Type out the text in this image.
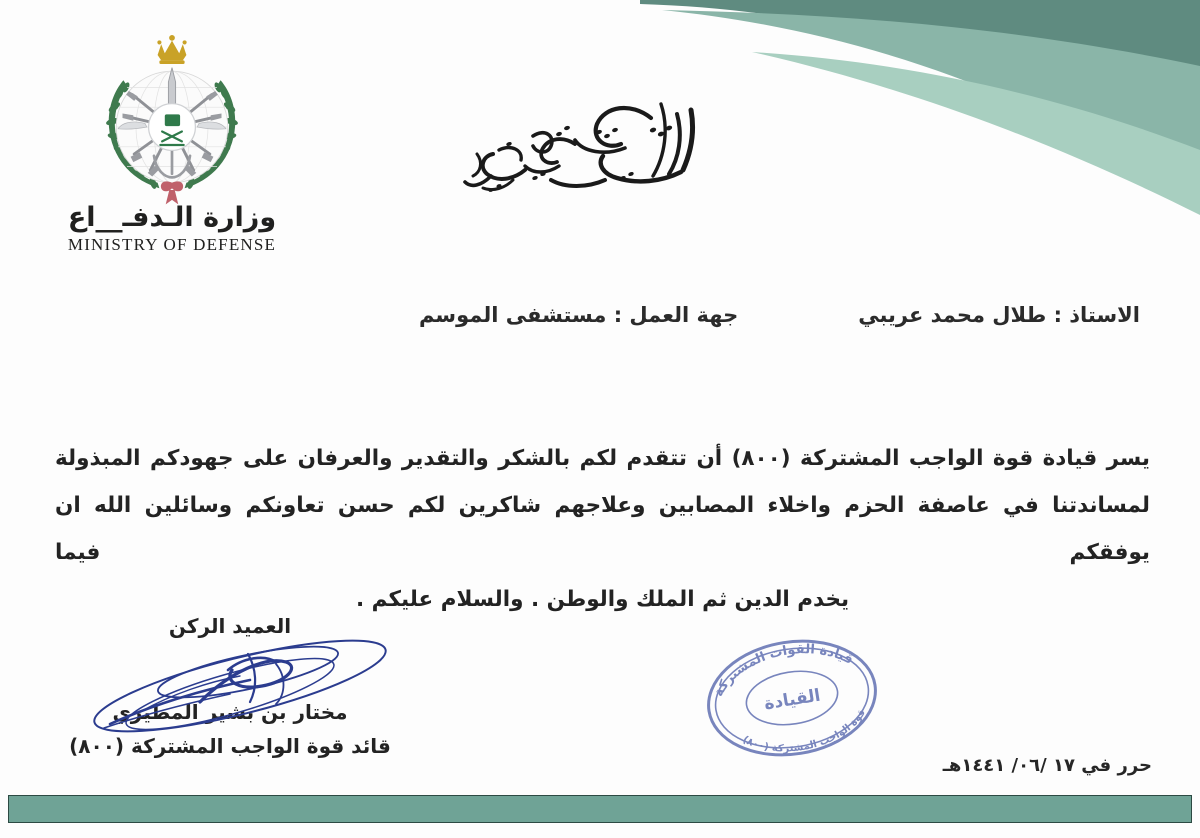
وزارة الـدفـ__اع
MINISTRY OF DEFENSE
الاستاذ : طلال محمد عريبي
جهة العمل : مستشفى الموسم
يسر قيادة قوة الواجب المشتركة (٨٠٠) أن تتقدم لكم بالشكر والتقدير والعرفان على جهودكم المبذولة
لمساندتنا في عاصفة الحزم واخلاء المصابين وعلاجهم شاكرين لكم حسن تعاونكم وسائلين الله ان يوفقكم فيما
يخدم الدين ثم الملك والوطن . والسلام عليكم .
العميد الركن
مختار بن بشير المطيري
قائد قوة الواجب المشتركة (٨٠٠)
قيادة القوات المشتركة
القيادة
قوة الواجب المشتركة (٨٠٠)
حرر في ١٧ /٠٦/ ١٤٤١هـ
